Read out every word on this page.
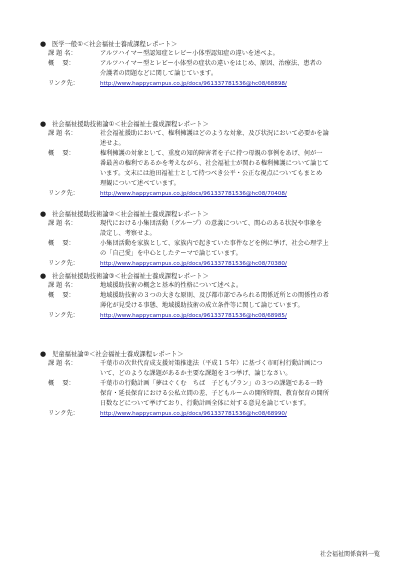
● 医学一般①＜社会福祉士養成課程レポート＞
課 題 名：	アルツハイマー型認知症とレビー小体型認知症の違いを述べよ。
概　 要：	アルツハイマー型とレビー小体型の症状の違いをはじめ、原因、治療法、患者の
介護者の問題などに関して論じています。
リンク先：	http://www.happycampus.co.jp/docs/961337781536@hc08/68898/
● 社会福祉援助技術論①＜社会福祉士養成課程レポート＞
課 題 名：	社会福祉援助において、権利擁護はどのような対象、及び状況において必要かを論
述せよ。
概　 要：	権利擁護の対象として、重度の知的障害者を子に持つ母親の事例をあげ、何が一
番最善の権利であるかを考えながら、社会福祉士が関わる権利擁護について論じて
います。文末には池田福祉士として持つべき公平・公正な視点についてもまとめ
理観について述べています。
リンク先：	http://www.happycampus.co.jp/docs/961337781536@hc08/70408/
● 社会福祉援助技術論②＜社会福祉士養成課程レポート＞
課 題 名：	現代における小集団活動（グループ）の意義について、関心のある状況や事象を
設定し、考察せよ。
概　 要：	小集団活動を家族として、家族内で起きていた事件などを例に挙げ、社会心理学上
の「自己愛」を中心としたテーマで論じています。
リンク先：	http://www.happycampus.co.jp/docs/961337781536@hc08/70380/
● 社会福祉援助技術論③＜社会福祉士養成課程レポート＞
課 題 名：	地域援助技術の概念と基本的性格について述べよ。
概　 要：	地域援助技術の３つの大きな原則、及び都市部でみられる関係近所との関係性の希
薄化が見受ける事態、地域援助技術の成立条件等に関して論じています。
リンク先：	http://www.happycampus.co.jp/docs/961337781536@hc08/68985/
● 児童福祉論②＜社会福祉士養成課程レポート＞
課 題 名：	千葉市の次世代育成支援対策推進法（平成１５年）に基づく市町村行動計画につ
いて、どのような課題があるか主要な課題を３つ挙げ、論じなさい。
概　 要：	千葉市の行動計画「夢はぐくむ　ちば　子どもプラン」の３つの課題である一時
保育・延長保育における公私立間の差、子どもルームの開所時間、教育保育の開所
日数などについて挙げており、行動計画全体に対する意見を論じています。
リンク先：	http://www.happycampus.co.jp/docs/961337781536@hc08/68990/
社会福祉関係資料一覧
